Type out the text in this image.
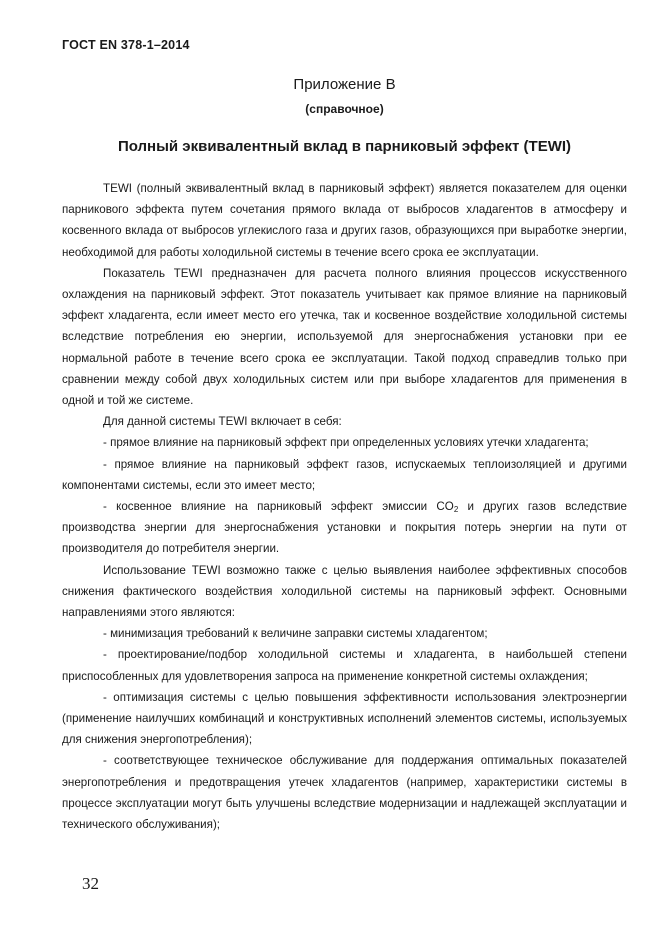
ГОСТ EN 378-1–2014
Приложение В
(справочное)
Полный эквивалентный вклад в парниковый эффект (TEWI)

TEWI (полный эквивалентный вклад в парниковый эффект) является показателем для оценки парникового эффекта путем сочетания прямого вклада от выбросов хладагентов в атмосферу и косвенного вклада от выбросов углекислого газа и других газов, образующихся при выработке энергии, необходимой для работы холодильной системы в течение всего срока ее эксплуатации.

Показатель TEWI предназначен для расчета полного влияния процессов искусственного охлаждения на парниковый эффект. Этот показатель учитывает как прямое влияние на парниковый эффект хладагента, если имеет место его утечка, так и косвенное воздействие холодильной системы вследствие потребления ею энергии, используемой для энергоснабжения установки при ее нормальной работе в течение всего срока ее эксплуатации. Такой подход справедлив только при сравнении между собой двух холодильных систем или при выборе хладагентов для применения в одной и той же системе.

Для данной системы TEWI включает в себя:

- прямое влияние на парниковый эффект при определенных условиях утечки хладагента;

- прямое влияние на парниковый эффект газов, испускаемых теплоизоляцией и другими компонентами системы, если это имеет место;

- косвенное влияние на парниковый эффект эмиссии $CO_2$ и других газов вследствие производства энергии для энергоснабжения установки и покрытия потерь энергии на пути от производителя до потребителя энергии.

Использование TEWI возможно также с целью выявления наиболее эффективных способов снижения фактического воздействия холодильной системы на парниковый эффект. Основными направлениями этого являются:

- минимизация требований к величине заправки системы хладагентом;

- проектирование/подбор холодильной системы и хладагента, в наибольшей степени приспособленных для удовлетворения запроса на применение конкретной системы охлаждения;

- оптимизация системы с целью повышения эффективности использования электроэнергии (применение наилучших комбинаций и конструктивных исполнений элементов системы, используемых для снижения энергопотребления);

- соответствующее техническое обслуживание для поддержания оптимальных показателей энергопотребления и предотвращения утечек хладагентов (например, характеристики системы в процессе эксплуатации могут быть улучшены вследствие модернизации и надлежащей эксплуатации и технического обслуживания);

32
